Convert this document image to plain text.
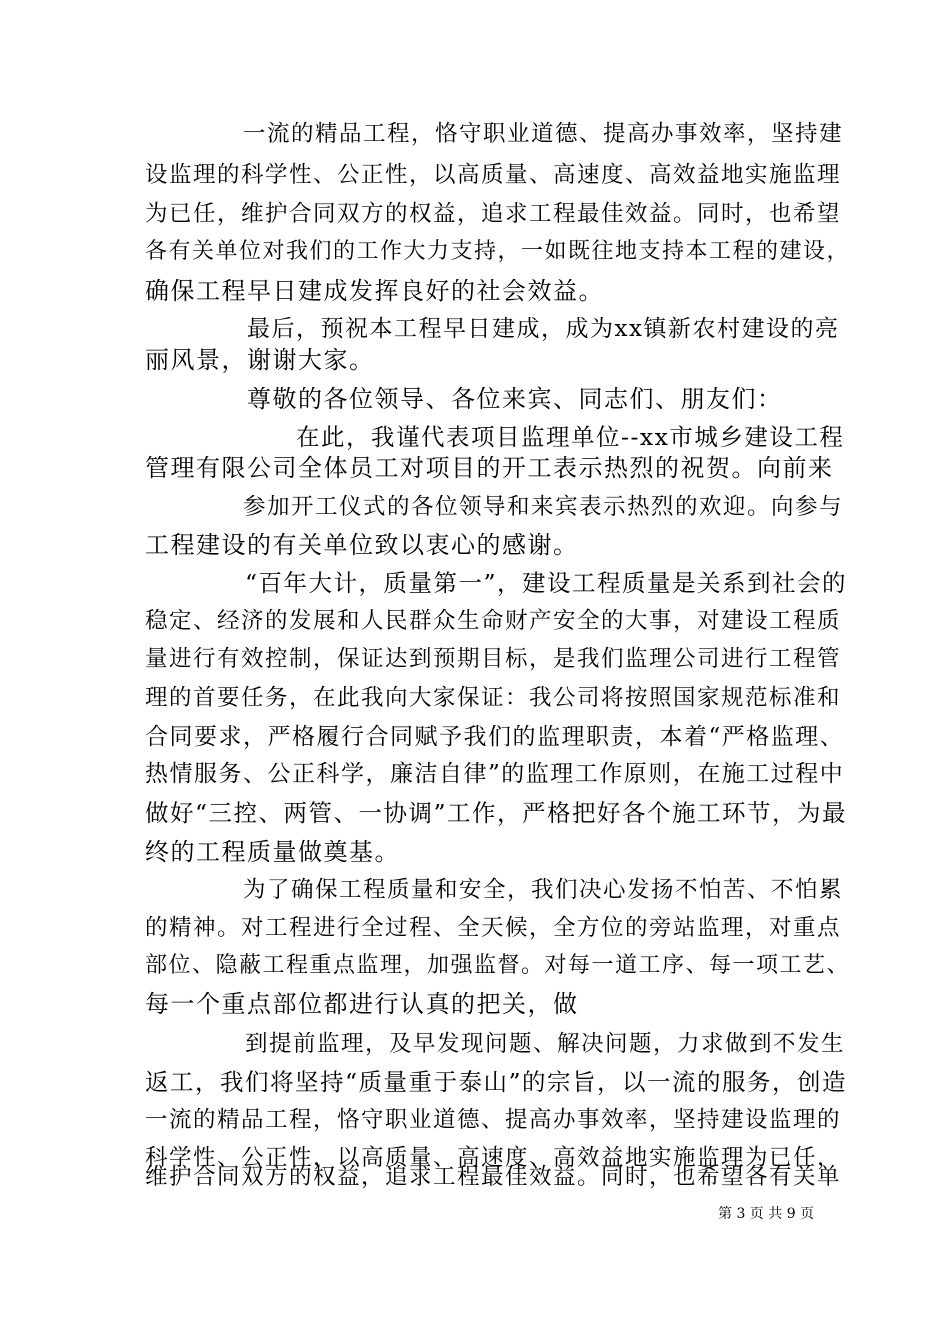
一流的精品工程，恪守职业道德、提高办事效率，坚持建
设监理的科学性、公正性，以高质量、高速度、高效益地实施监理
为已任，维护合同双方的权益，追求工程最佳效益。同时，也希望
各有关单位对我们的工作大力支持，一如既往地支持本工程的建设，
确保工程早日建成发挥良好的社会效益。
最后，预祝本工程早日建成，成为xx镇新农村建设的亮
丽风景，谢谢大家。
尊敬的各位领导、各位来宾、同志们、朋友们：
在此，我谨代表项目监理单位--xx市城乡建设工程
管理有限公司全体员工对项目的开工表示热烈的祝贺。向前来
参加开工仪式的各位领导和来宾表示热烈的欢迎。向参与
工程建设的有关单位致以衷心的感谢。
“百年大计，质量第一”，建设工程质量是关系到社会的
稳定、经济的发展和人民群众生命财产安全的大事，对建设工程质
量进行有效控制，保证达到预期目标，是我们监理公司进行工程管
理的首要任务，在此我向大家保证：我公司将按照国家规范标准和
合同要求，严格履行合同赋予我们的监理职责，本着“严格监理、
热情服务、公正科学，廉洁自律”的监理工作原则，在施工过程中
做好“三控、两管、一协调”工作，严格把好各个施工环节，为最
终的工程质量做奠基。
为了确保工程质量和安全，我们决心发扬不怕苦、不怕累
的精神。对工程进行全过程、全天候，全方位的旁站监理，对重点
部位、隐蔽工程重点监理，加强监督。对每一道工序、每一项工艺、
每一个重点部位都进行认真的把关，做
到提前监理，及早发现问题、解决问题，力求做到不发生
返工，我们将坚持“质量重于泰山”的宗旨，以一流的服务，创造
一流的精品工程，恪守职业道德、提高办事效率，坚持建设监理的
科学性、公正性，以高质量、高速度、高效益地实施监理为已任，
维护合同双方的权益，追求工程最佳效益。同时，也希望各有关单
第 3 页 共 9 页
